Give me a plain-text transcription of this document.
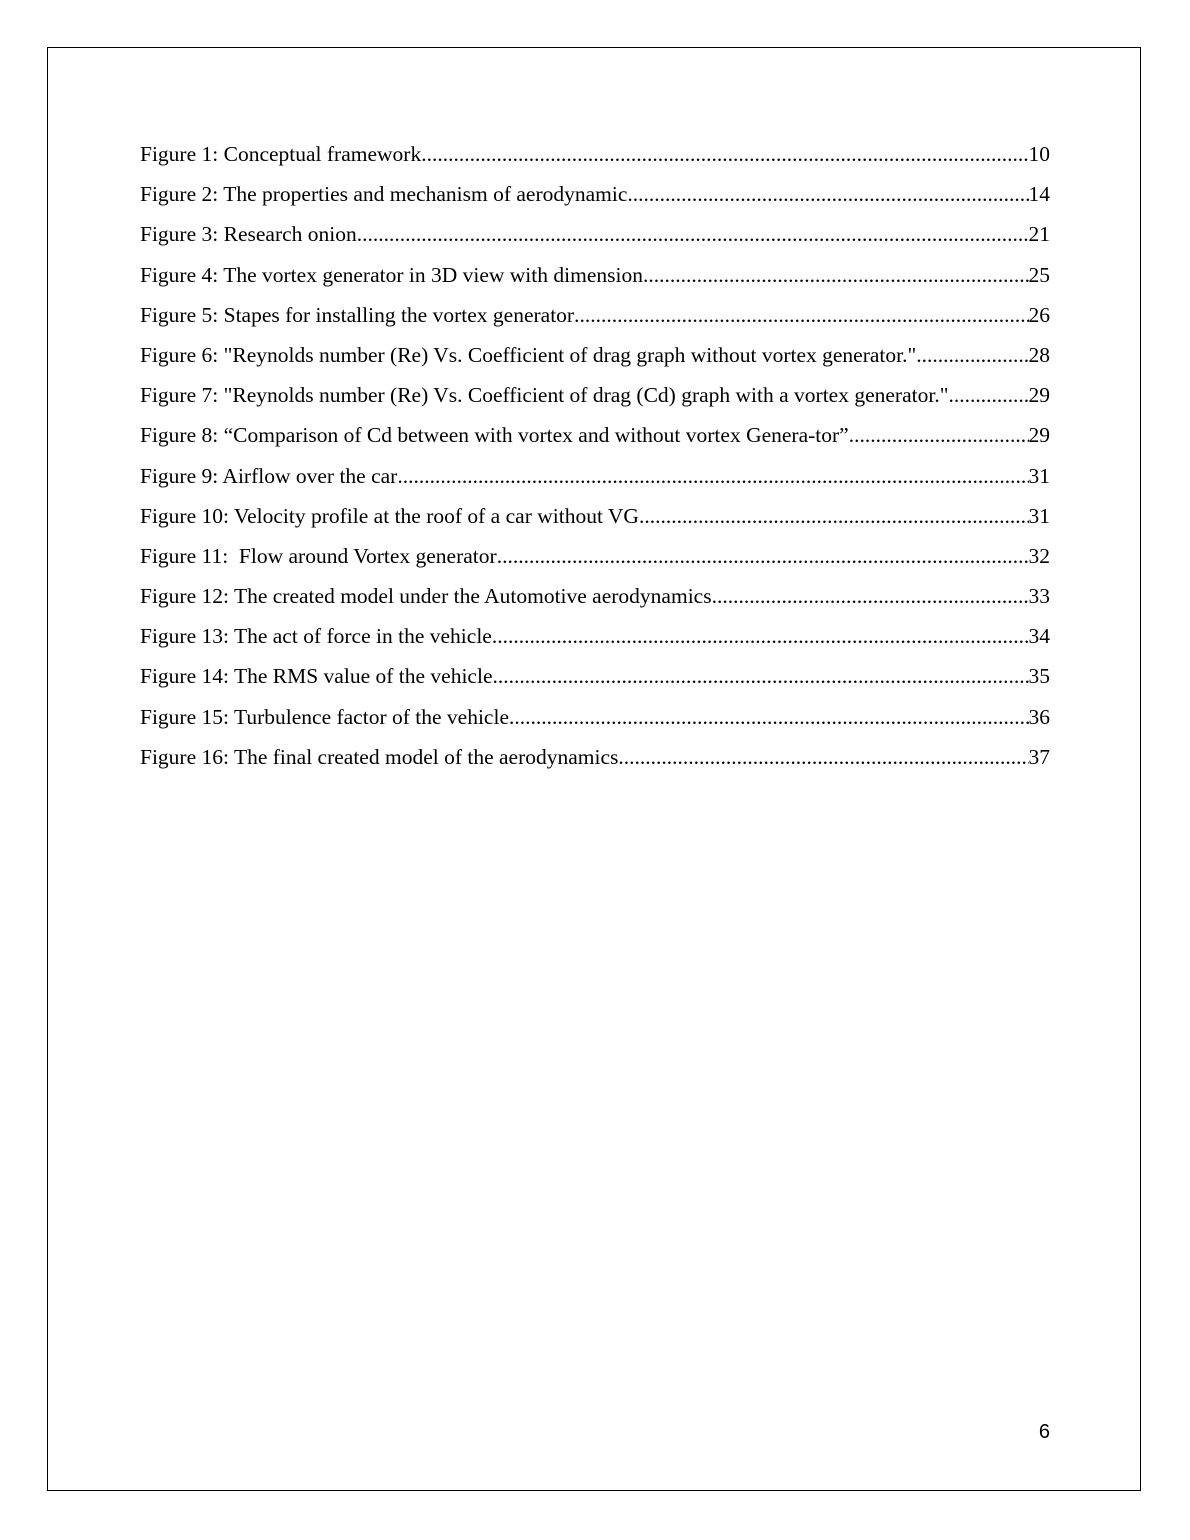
Figure 1: Conceptual framework .....	10
Figure 2: The properties and mechanism of aerodynamic .....	14
Figure 3: Research onion .....	21
Figure 4: The vortex generator in 3D view with dimension .....	25
Figure 5: Stapes for installing the vortex generator .....	26
Figure 6: "Reynolds number (Re) Vs. Coefficient of drag graph without vortex generator." .....	28
Figure 7: "Reynolds number (Re) Vs. Coefficient of drag (Cd) graph with a vortex generator." .....	29
Figure 8: “Comparison of Cd between with vortex and without vortex Genera-tor” .....	29
Figure 9: Airflow over the car .....	31
Figure 10: Velocity profile at the roof of a car without VG .....	31
Figure 11:  Flow around Vortex generator .....	32
Figure 12: The created model under the Automotive aerodynamics .....	33
Figure 13: The act of force in the vehicle .....	34
Figure 14: The RMS value of the vehicle .....	35
Figure 15: Turbulence factor of the vehicle .....	36
Figure 16: The final created model of the aerodynamics .....	37
6
